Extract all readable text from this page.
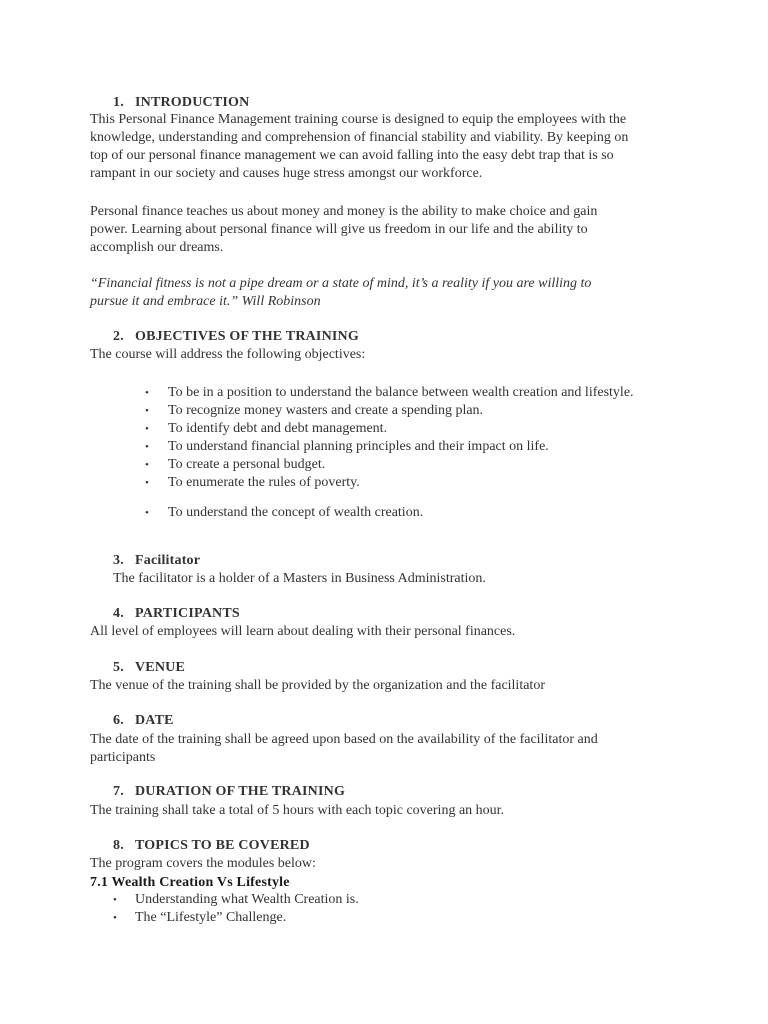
1. INTRODUCTION
This Personal Finance Management training course is designed to equip the employees with the
knowledge, understanding and comprehension of financial stability and viability. By keeping on
top of our personal finance management we can avoid falling into the easy debt trap that is so
rampant in our society and causes huge stress amongst our workforce.
Personal finance teaches us about money and money is the ability to make choice and gain
power. Learning about personal finance will give us freedom in our life and the ability to
accomplish our dreams.
“Financial fitness is not a pipe dream or a state of mind, it’s a reality if you are willing to
pursue it and embrace it.” Will Robinson
2. OBJECTIVES OF THE TRAINING
The course will address the following objectives:
• To be in a position to understand the balance between wealth creation and lifestyle.
• To recognize money wasters and create a spending plan.
• To identify debt and debt management.
• To understand financial planning principles and their impact on life.
• To create a personal budget.
• To enumerate the rules of poverty.
• To understand the concept of wealth creation.
3. Facilitator
The facilitator is a holder of a Masters in Business Administration.
4. PARTICIPANTS
All level of employees will learn about dealing with their personal finances.
5. VENUE
The venue of the training shall be provided by the organization and the facilitator
6. DATE
The date of the training shall be agreed upon based on the availability of the facilitator and
participants
7. DURATION OF THE TRAINING
The training shall take a total of 5 hours with each topic covering an hour.
8. TOPICS TO BE COVERED
The program covers the modules below:
7.1 Wealth Creation Vs Lifestyle
• Understanding what Wealth Creation is.
• The “Lifestyle” Challenge.
